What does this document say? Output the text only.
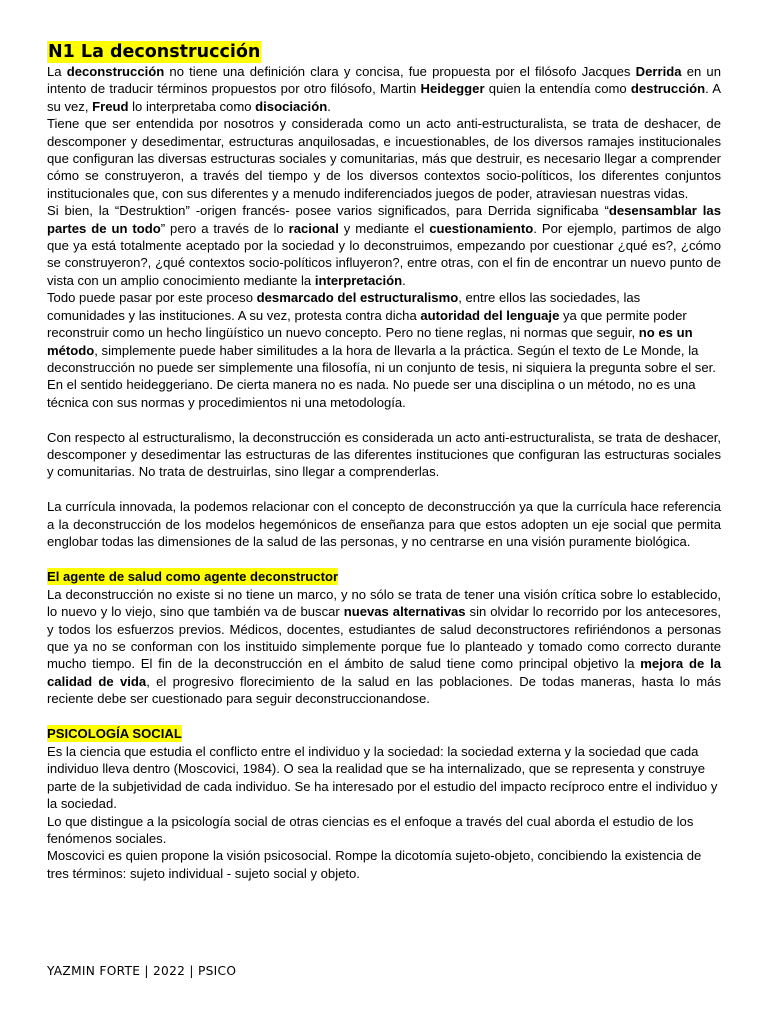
N1 La deconstrucción

La deconstrucción no tiene una definición clara y concisa, fue propuesta por el filósofo Jacques Derrida en un intento de traducir términos propuestos por otro filósofo, Martin Heidegger quien la entendía como destrucción. A su vez, Freud lo interpretaba como disociación.

Tiene que ser entendida por nosotros y considerada como un acto anti-estructuralista, se trata de deshacer, de descomponer y desedimentar, estructuras anquilosadas, e incuestionables, de los diversos ramajes institucionales que configuran las diversas estructuras sociales y comunitarias, más que destruir, es necesario llegar a comprender cómo se construyeron, a través del tiempo y de los diversos contextos socio-políticos, los diferentes conjuntos institucionales que, con sus diferentes y a menudo indiferenciados juegos de poder, atraviesan nuestras vidas.

Si bien, la “Destruktion” -origen francés- posee varios significados, para Derrida significaba “desensamblar las partes de un todo” pero a través de lo racional y mediante el cuestionamiento. Por ejemplo, partimos de algo que ya está totalmente aceptado por la sociedad y lo deconstruimos, empezando por cuestionar ¿qué es?, ¿cómo se construyeron?, ¿qué contextos socio-políticos influyeron?, entre otras, con el fin de encontrar un nuevo punto de vista con un amplio conocimiento mediante la interpretación.

Todo puede pasar por este proceso desmarcado del estructuralismo, entre ellos las sociedades, las comunidades y las instituciones. A su vez, protesta contra dicha autoridad del lenguaje ya que permite poder reconstruir como un hecho lingüístico un nuevo concepto. Pero no tiene reglas, ni normas que seguir, no es un método, simplemente puede haber similitudes a la hora de llevarla a la práctica. Según el texto de Le Monde, la deconstrucción no puede ser simplemente una filosofía, ni un conjunto de tesis, ni siquiera la pregunta sobre el ser. En el sentido heideggeriano. De cierta manera no es nada. No puede ser una disciplina o un método, no es una técnica con sus normas y procedimientos ni una metodología.

Con respecto al estructuralismo, la deconstrucción es considerada un acto anti-estructuralista, se trata de deshacer, descomponer y desedimentar las estructuras de las diferentes instituciones que configuran las estructuras sociales y comunitarias. No trata de destruirlas, sino llegar a comprenderlas.

La currícula innovada, la podemos relacionar con el concepto de deconstrucción ya que la currícula hace referencia a la deconstrucción de los modelos hegemónicos de enseñanza para que estos adopten un eje social que permita englobar todas las dimensiones de la salud de las personas, y no centrarse en una visión puramente biológica.

El agente de salud como agente deconstructor

La deconstrucción no existe si no tiene un marco, y no sólo se trata de tener una visión crítica sobre lo establecido, lo nuevo y lo viejo, sino que también va de buscar nuevas alternativas sin olvidar lo recorrido por los antecesores, y todos los esfuerzos previos. Médicos, docentes, estudiantes de salud deconstructores refiriéndonos a personas que ya no se conforman con los instituido simplemente porque fue lo planteado y tomado como correcto durante mucho tiempo. El fin de la deconstrucción en el ámbito de salud tiene como principal objetivo la mejora de la calidad de vida, el progresivo florecimiento de la salud en las poblaciones. De todas maneras, hasta lo más reciente debe ser cuestionado para seguir deconstruccionandose.

PSICOLOGÍA SOCIAL

Es la ciencia que estudia el conflicto entre el individuo y la sociedad: la sociedad externa y la sociedad que cada individuo lleva dentro (Moscovici, 1984). O sea la realidad que se ha internalizado, que se representa y construye parte de la subjetividad de cada individuo. Se ha interesado por el estudio del impacto recíproco entre el individuo y la sociedad.

Lo que distingue a la psicología social de otras ciencias es el enfoque a través del cual aborda el estudio de los fenómenos sociales.

Moscovici es quien propone la visión psicosocial. Rompe la dicotomía sujeto-objeto, concibiendo la existencia de tres términos: sujeto individual - sujeto social y objeto.

YAZMIN FORTE | 2022 | PSICO
